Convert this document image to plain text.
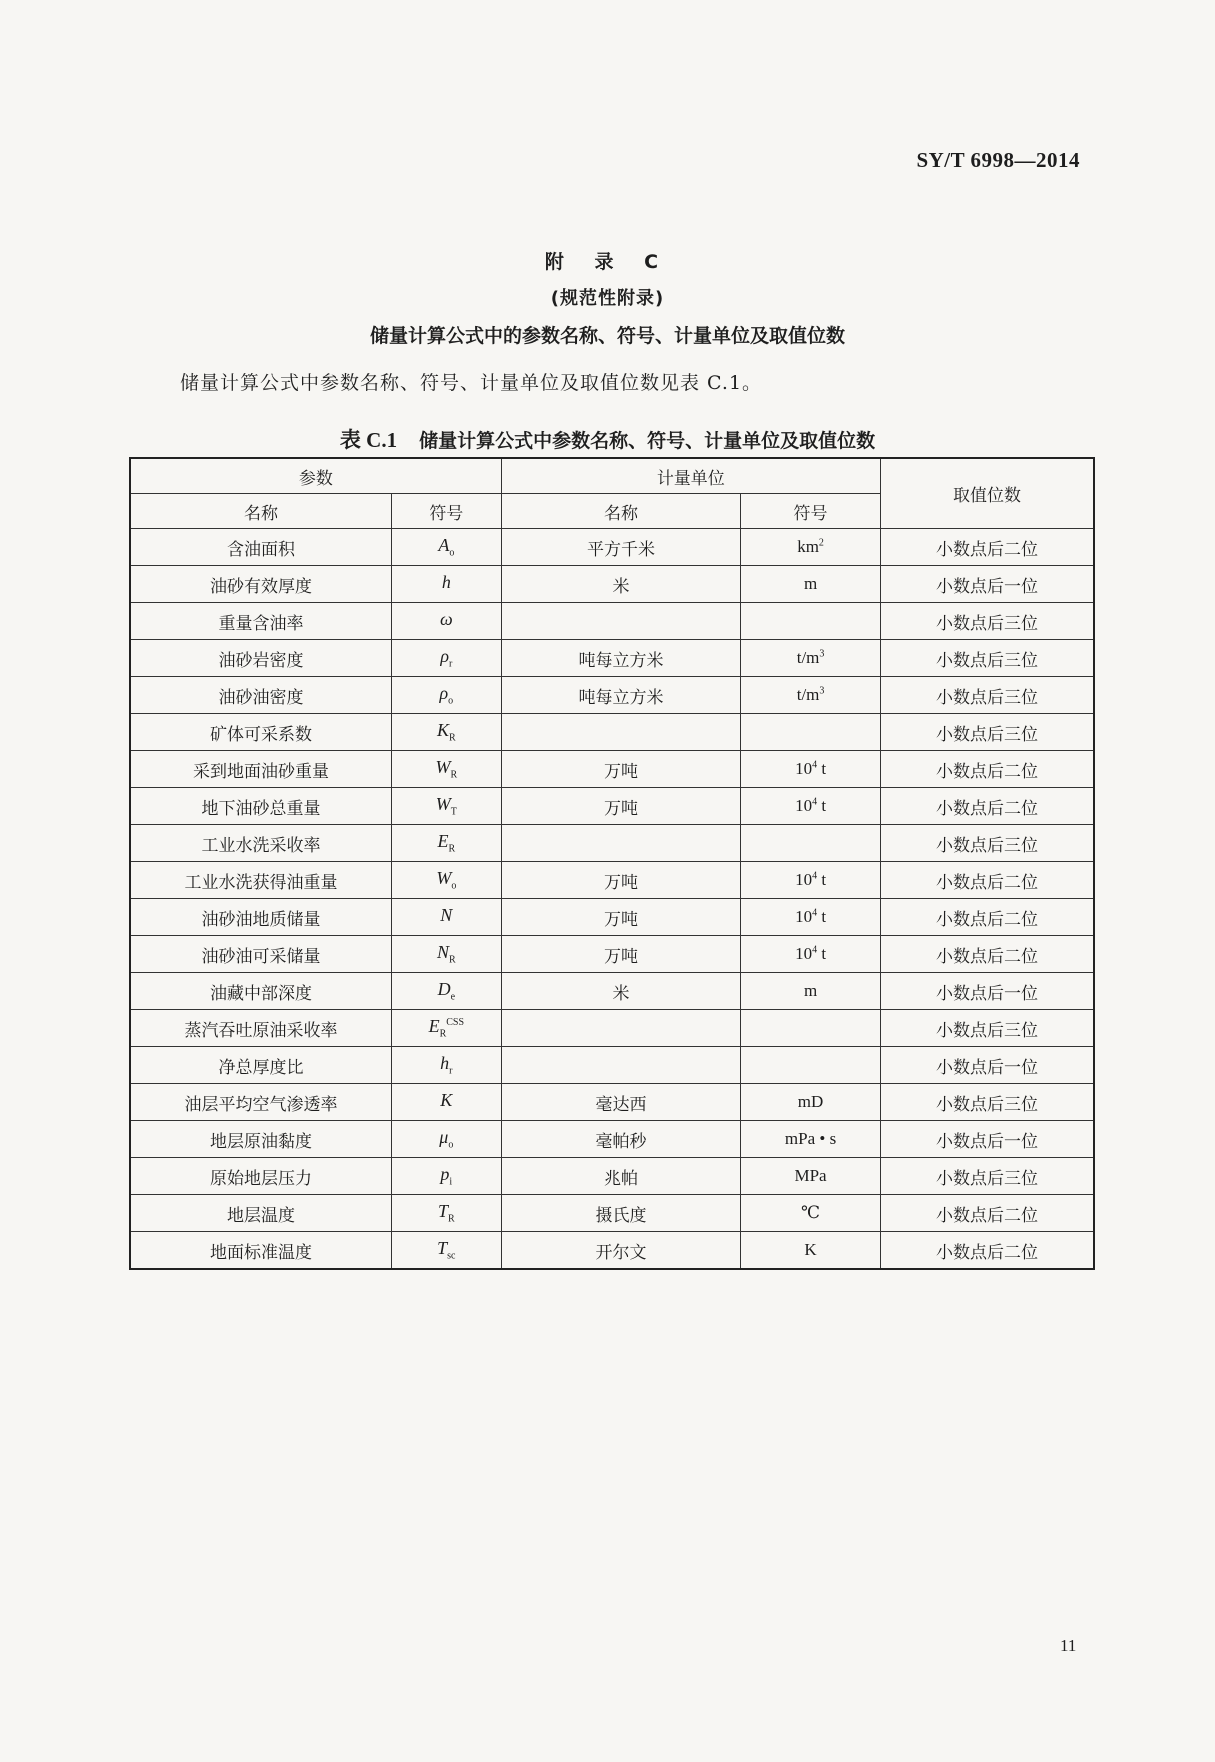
SY/T 6998—2014
附 录 C
(规范性附录)
储量计算公式中的参数名称、符号、计量单位及取值位数
储量计算公式中参数名称、符号、计量单位及取值位数见表 C.1。
表 C.1 储量计算公式中参数名称、符号、计量单位及取值位数
参数		计量单位		取值位数
名称	符号	名称	符号	
含油面积	$A_o$	平方千米	$km^2$	小数点后二位
油砂有效厚度	h	米	m	小数点后一位
重量含油率	ω			小数点后三位
油砂岩密度	$\rho_r$	吨每立方米	$t/m^3$	小数点后三位
油砂油密度	$\rho_o$	吨每立方米	$t/m^3$	小数点后三位
矿体可采系数	$K_R$			小数点后三位
采到地面油砂重量	$W_R$	万吨	$10^4$ t	小数点后二位
地下油砂总重量	$W_T$	万吨	$10^4$ t	小数点后二位
工业水洗采收率	$E_R$			小数点后三位
工业水洗获得油重量	$W_o$	万吨	$10^4$ t	小数点后二位
油砂油地质储量	N	万吨	$10^4$ t	小数点后二位
油砂油可采储量	$N_R$	万吨	$10^4$ t	小数点后二位
油藏中部深度	$D_e$	米	m	小数点后一位
蒸汽吞吐原油采收率	$E_R^{CSS}$			小数点后三位
净总厚度比	$h_r$			小数点后一位
油层平均空气渗透率	K	毫达西	mD	小数点后三位
地层原油黏度	$\mu_o$	毫帕秒	mPa • s	小数点后一位
原始地层压力	$p_i$	兆帕	MPa	小数点后三位
地层温度	$T_R$	摄氏度	℃	小数点后二位
地面标准温度	$T_{sc}$	开尔文	K	小数点后二位
11
